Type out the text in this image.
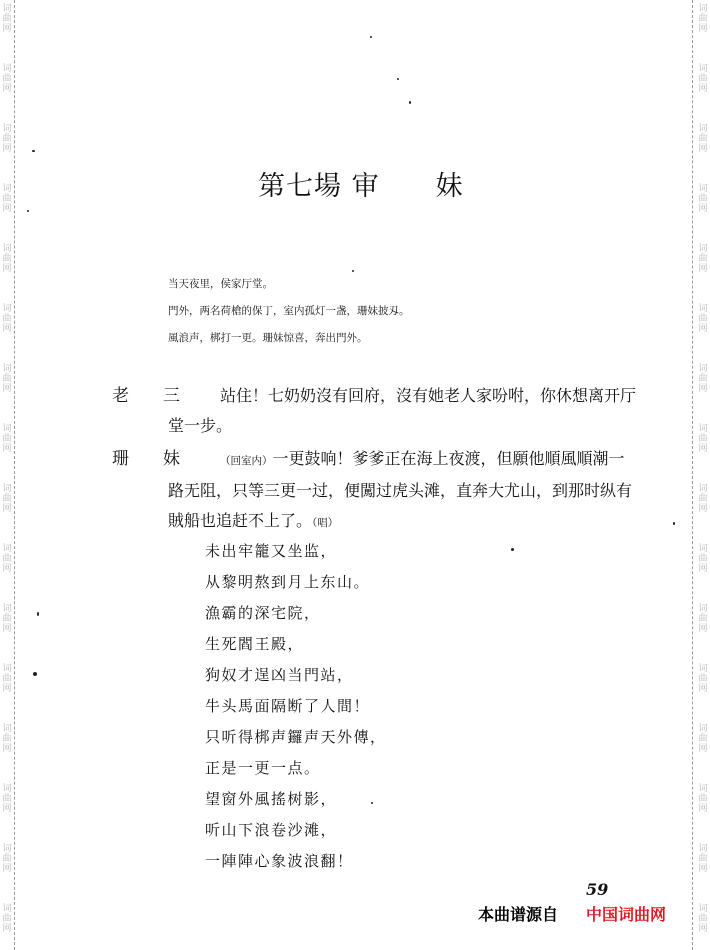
词
曲
网
词
曲
网
词
曲
网
词
曲
网
词
曲
网
词
曲
网
词
曲
网
词
曲
网
词
曲
网
词
曲
网
词
曲
网
词
曲
网
词
曲
网
词
曲
网
词
曲
网
词
曲
网
词
曲
网
词
曲
网
词
曲
网
词
曲
网
词
曲
网
词
曲
网
词
曲
网
词
曲
网
词
曲
网
词
曲
网
词
曲
网
词
曲
网
词
曲
网
词
曲
网
词
曲
网
词
曲
网
第七場 审　　妹
当天夜里，侯家厅堂。
門外，两名荷槍的保丁，室内孤灯一盏，珊妹披刄。
風浪声，梆打一更。珊妹惊喜，奔出門外。
老　　三	站住！七奶奶沒有回府，沒有她老人家吩咐，你休想离开厅堂一步。
珊　　妹	（回室内）一更鼓响！爹爹正在海上夜渡，但願他順風順潮一路无阻，只等三更一过，便闖过虎头滩，直奔大尤山，到那时纵有賊船也追赶不上了。（唱）
未出牢籠又坐监，
从黎明熬到月上东山。
漁霸的深宅院，
生死閻王殿，
狗奴才逞凶当門站，
牛头馬面隔断了人間！
只听得梆声鑼声天外傳，
正是一更一点。
望窗外風搖树影，
听山下浪卷沙滩，
一陣陣心象波浪翻！
59
本曲谱源自 中国词曲网
